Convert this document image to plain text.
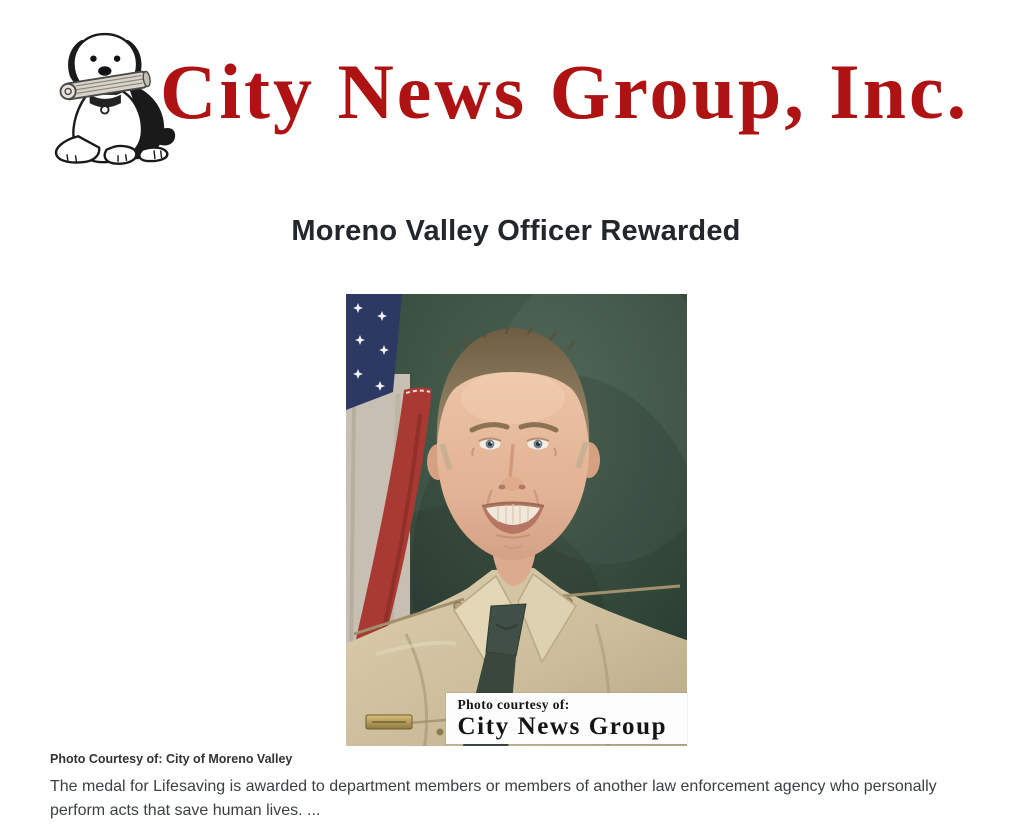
City News Group, Inc.
Moreno Valley Officer Rewarded
Photo courtesy of:
City News Group
Photo Courtesy of: City of Moreno Valley

The medal for Lifesaving is awarded to department members or members of another law enforcement agency who personally perform acts that save human lives. ...
